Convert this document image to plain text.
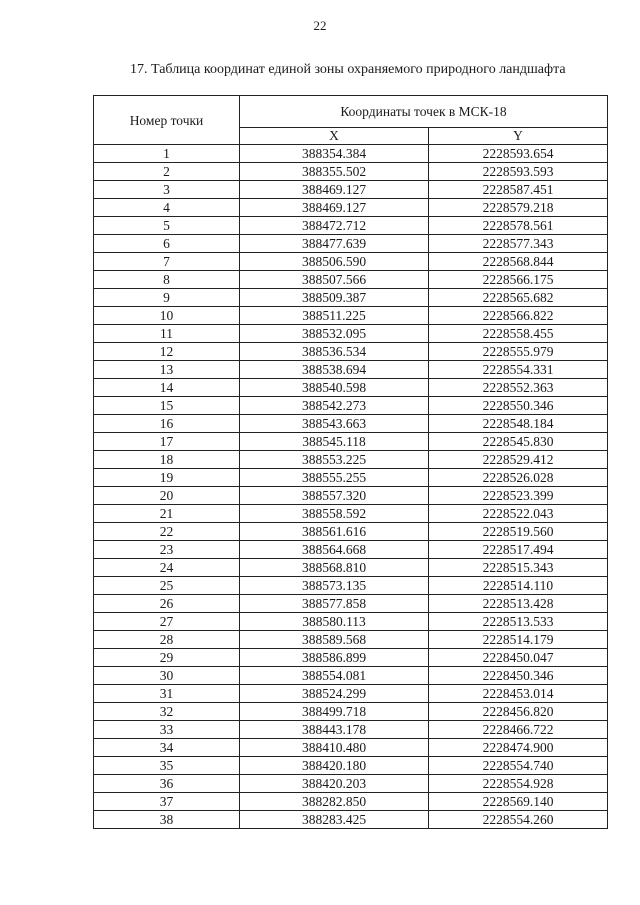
22
17. Таблица координат единой зоны охраняемого природного ландшафта
Номер точки	Координаты точек в МСК-18	
	X	Y
1	388354.384	2228593.654
2	388355.502	2228593.593
3	388469.127	2228587.451
4	388469.127	2228579.218
5	388472.712	2228578.561
6	388477.639	2228577.343
7	388506.590	2228568.844
8	388507.566	2228566.175
9	388509.387	2228565.682
10	388511.225	2228566.822
11	388532.095	2228558.455
12	388536.534	2228555.979
13	388538.694	2228554.331
14	388540.598	2228552.363
15	388542.273	2228550.346
16	388543.663	2228548.184
17	388545.118	2228545.830
18	388553.225	2228529.412
19	388555.255	2228526.028
20	388557.320	2228523.399
21	388558.592	2228522.043
22	388561.616	2228519.560
23	388564.668	2228517.494
24	388568.810	2228515.343
25	388573.135	2228514.110
26	388577.858	2228513.428
27	388580.113	2228513.533
28	388589.568	2228514.179
29	388586.899	2228450.047
30	388554.081	2228450.346
31	388524.299	2228453.014
32	388499.718	2228456.820
33	388443.178	2228466.722
34	388410.480	2228474.900
35	388420.180	2228554.740
36	388420.203	2228554.928
37	388282.850	2228569.140
38	388283.425	2228554.260
